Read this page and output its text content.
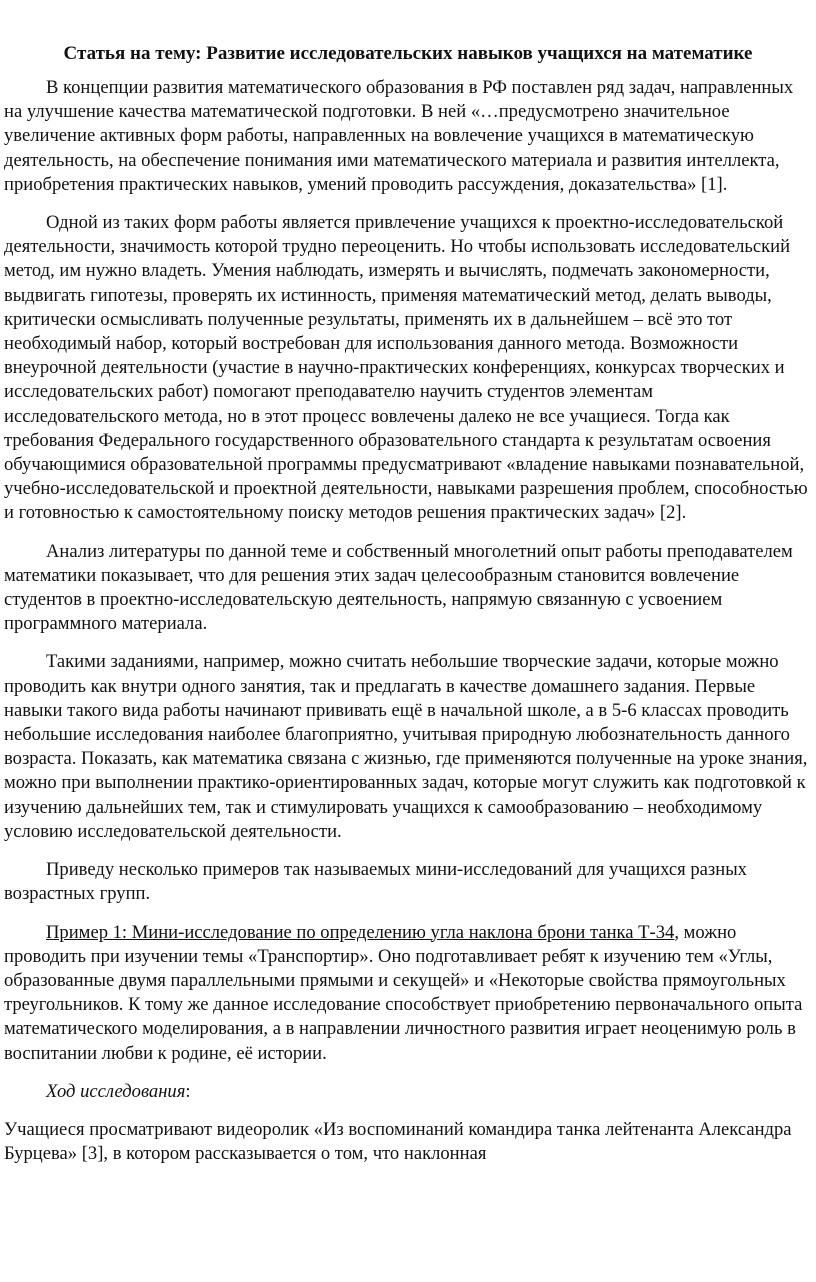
Статья на тему: Развитие исследовательских навыков учащихся на математике

В концепции развития математического образования в РФ поставлен ряд задач, направленных на улучшение качества математической подготовки. В ней «…предусмотрено значительное увеличение активных форм работы, направленных на вовлечение учащихся в математическую деятельность, на обеспечение понимания ими математического материала и развития интеллекта, приобретения практических навыков, умений проводить рассуждения, доказательства» [1].

Одной из таких форм работы является привлечение учащихся к проектно-исследовательской деятельности, значимость которой трудно переоценить. Но чтобы использовать исследовательский метод, им нужно владеть. Умения наблюдать, измерять и вычислять, подмечать закономерности, выдвигать гипотезы, проверять их истинность, применяя математический метод, делать выводы, критически осмысливать полученные результаты, применять их в дальнейшем – всё это тот необходимый набор, который востребован для использования данного метода. Возможности внеурочной деятельности (участие в научно-практических конференциях, конкурсах творческих и исследовательских работ) помогают преподавателю научить студентов элементам исследовательского метода, но в этот процесс вовлечены далеко не все учащиеся. Тогда как требования Федерального государственного образовательного стандарта к результатам освоения обучающимися образовательной программы предусматривают «владение навыками познавательной, учебно-исследовательской и проектной деятельности, навыками разрешения проблем, способностью и готовностью к самостоятельному поиску методов решения практических задач» [2].

Анализ литературы по данной теме и собственный многолетний опыт работы преподавателем математики показывает, что для решения этих задач целесообразным становится вовлечение студентов в проектно-исследовательскую деятельность, напрямую связанную с усвоением программного материала.

Такими заданиями, например, можно считать небольшие творческие задачи, которые можно проводить как внутри одного занятия, так и предлагать в качестве домашнего задания. Первые навыки такого вида работы начинают прививать ещё в начальной школе, а в 5-6 классах проводить небольшие исследования наиболее благоприятно, учитывая природную любознательность данного возраста. Показать, как математика связана с жизнью, где применяются полученные на уроке знания, можно при выполнении практико-ориентированных задач, которые могут служить как подготовкой к изучению дальнейших тем, так и стимулировать учащихся к самообразованию – необходимому условию исследовательской деятельности.

Приведу несколько примеров так называемых мини-исследований для учащихся разных возрастных групп.

Пример 1: Мини-исследование по определению угла наклона брони танка Т-34, можно проводить при изучении темы «Транспортир». Оно подготавливает ребят к изучению тем «Углы, образованные двумя параллельными прямыми и секущей» и «Некоторые свойства прямоугольных треугольников. К тому же данное исследование способствует приобретению первоначального опыта математического моделирования, а в направлении личностного развития играет неоценимую роль в воспитании любви к родине, её истории.

Ход исследования:

Учащиеся просматривают видеоролик «Из воспоминаний командира танка лейтенанта Александра Бурцева» [3], в котором рассказывается о том, что наклонная
